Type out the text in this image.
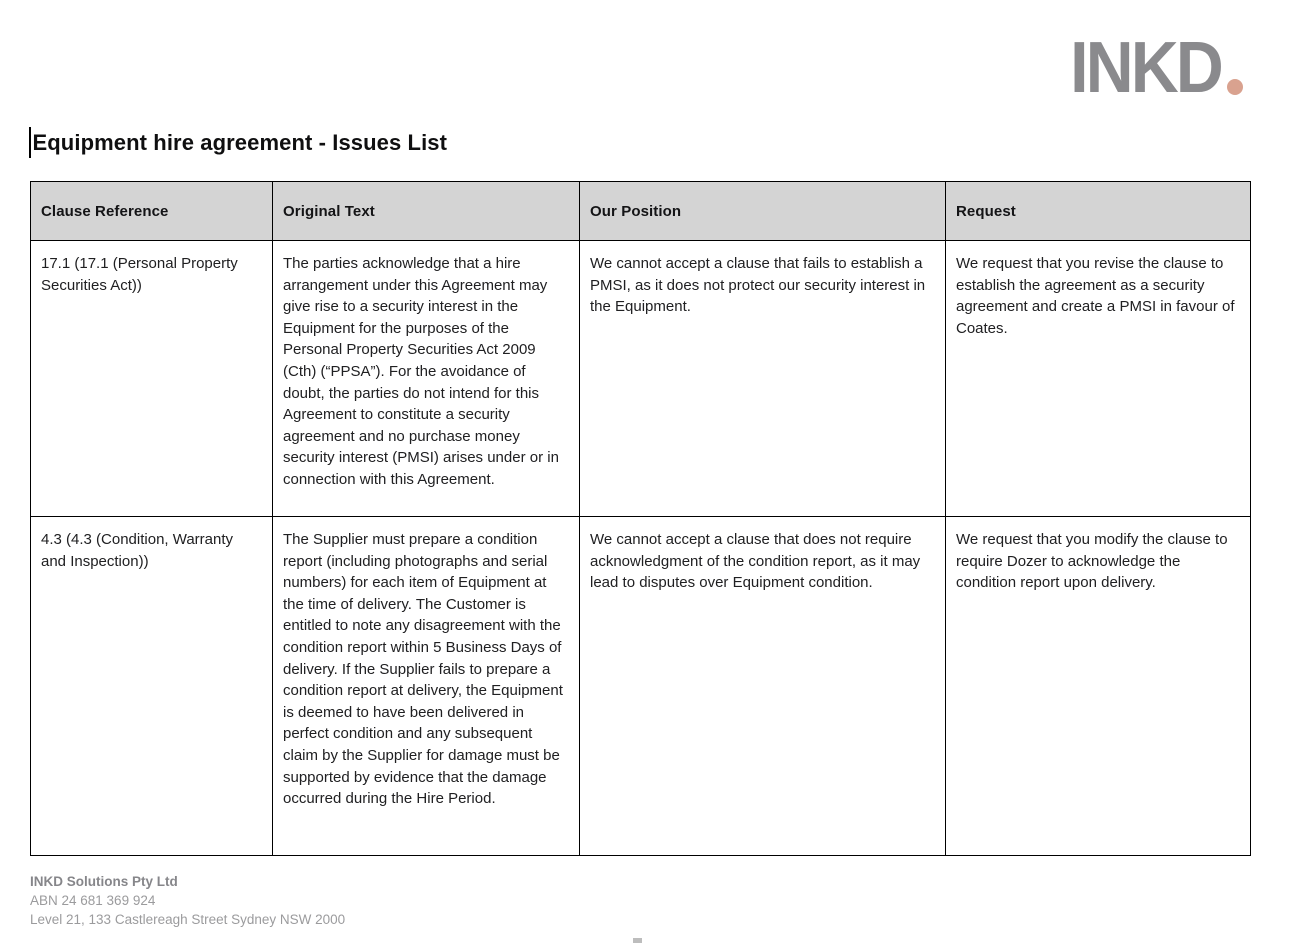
INKD
Equipment hire agreement - Issues List
Clause Reference	Original Text	Our Position	Request
17.1 (17.1 (Personal Property Securities Act))	The parties acknowledge that a hire arrangement under this Agreement may give rise to a security interest in the Equipment for the purposes of the Personal Property Securities Act 2009 (Cth) (“PPSA”). For the avoidance of doubt, the parties do not intend for this Agreement to constitute a security agreement and no purchase money security interest (PMSI) arises under or in connection with this Agreement.	We cannot accept a clause that fails to establish a PMSI, as it does not protect our security interest in the Equipment.	We request that you revise the clause to establish the agreement as a security agreement and create a PMSI in favour of Coates.
4.3 (4.3 (Condition, Warranty and Inspection))	The Supplier must prepare a condition report (including photographs and serial numbers) for each item of Equipment at the time of delivery. The Customer is entitled to note any disagreement with the condition report within 5 Business Days of delivery. If the Supplier fails to prepare a condition report at delivery, the Equipment is deemed to have been delivered in perfect condition and any subsequent claim by the Supplier for damage must be supported by evidence that the damage occurred during the Hire Period.	We cannot accept a clause that does not require acknowledgment of the condition report, as it may lead to disputes over Equipment condition.	We request that you modify the clause to require Dozer to acknowledge the condition report upon delivery.
INKD Solutions Pty Ltd
ABN 24 681 369 924
Level 21, 133 Castlereagh Street Sydney NSW 2000
